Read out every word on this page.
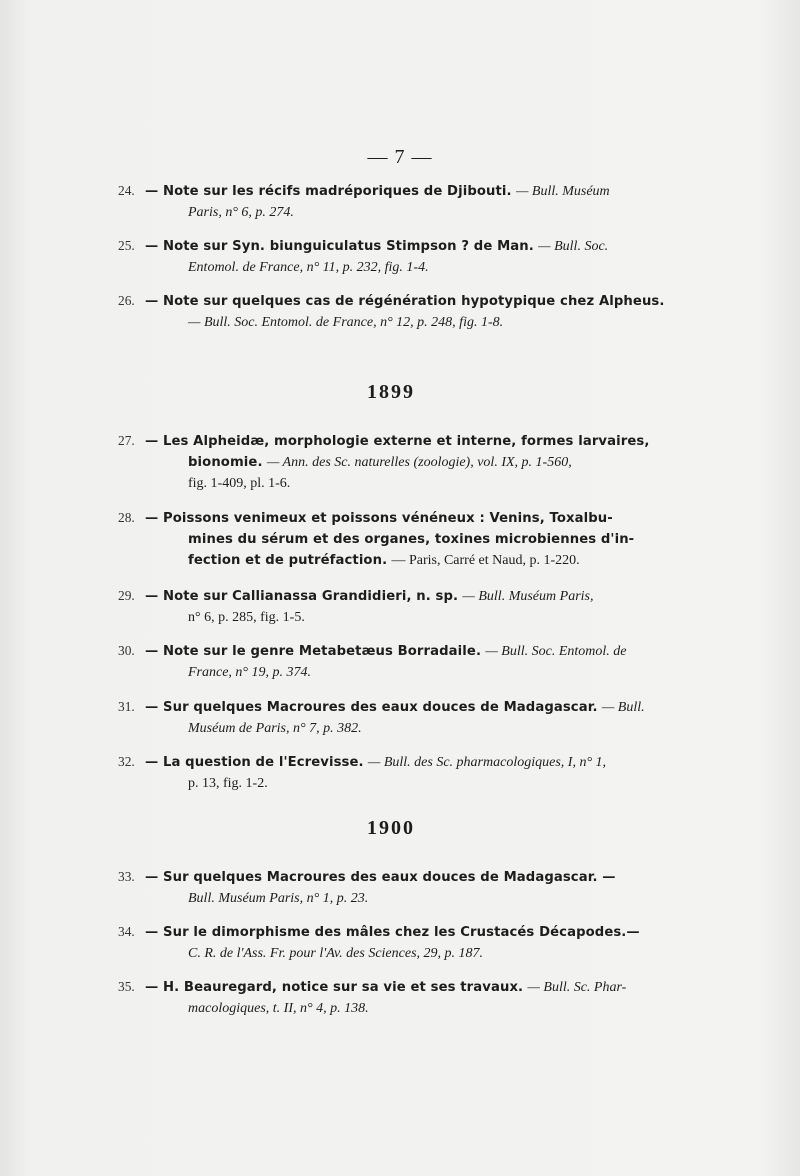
— 7 —
24. — Note sur les récifs madréporiques de Djibouti. — Bull. Muséum
Paris, n° 6, p. 274.
25. — Note sur Syn. biunguiculatus Stimpson ? de Man. — Bull. Soc.
Entomol. de France, n° 11, p. 232, fig. 1-4.
26. — Note sur quelques cas de régénération hypotypique chez Alpheus.
— Bull. Soc. Entomol. de France, n° 12, p. 248, fig. 1-8.
1899
27. — Les Alpheidæ, morphologie externe et interne, formes larvaires,
bionomie. — Ann. des Sc. naturelles (zoologie), vol. IX, p. 1-560,
fig. 1-409, pl. 1-6.
28. — Poissons venimeux et poissons vénéneux : Venins, Toxalbu-
mines du sérum et des organes, toxines microbiennes d'in-
fection et de putréfaction. — Paris, Carré et Naud, p. 1-220.
29. — Note sur Callianassa Grandidieri, n. sp. — Bull. Muséum Paris,
n° 6, p. 285, fig. 1-5.
30. — Note sur le genre Metabetæus Borradaile. — Bull. Soc. Entomol. de
France, n° 19, p. 374.
31. — Sur quelques Macroures des eaux douces de Madagascar. — Bull.
Muséum de Paris, n° 7, p. 382.
32. — La question de l'Ecrevisse. — Bull. des Sc. pharmacologiques, I, n° 1,
p. 13, fig. 1-2.
1900
33. — Sur quelques Macroures des eaux douces de Madagascar. —
Bull. Muséum Paris, n° 1, p. 23.
34. — Sur le dimorphisme des mâles chez les Crustacés Décapodes.—
C. R. de l'Ass. Fr. pour l'Av. des Sciences, 29, p. 187.
35. — H. Beauregard, notice sur sa vie et ses travaux. — Bull. Sc. Phar-
macologiques, t. II, n° 4, p. 138.
